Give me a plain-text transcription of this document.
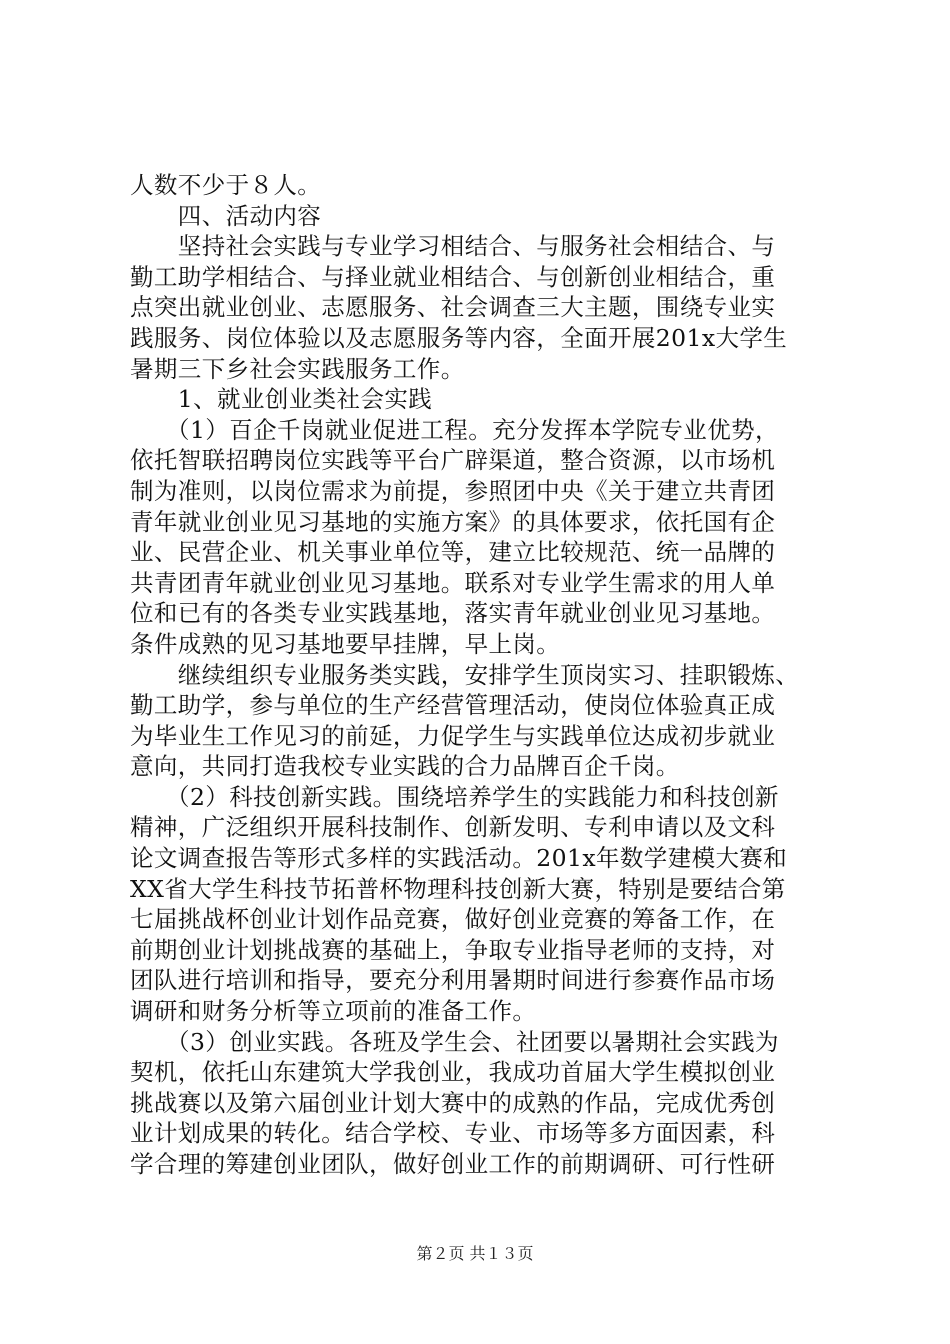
人数不少于８人。
　　四、活动内容
　　坚持社会实践与专业学习相结合、与服务社会相结合、与
勤工助学相结合、与择业就业相结合、与创新创业相结合，重
点突出就业创业、志愿服务、社会调查三大主题，围绕专业实
践服务、岗位体验以及志愿服务等内容，全面开展201x大学生
暑期三下乡社会实践服务工作。
　　1、就业创业类社会实践
　　（1）百企千岗就业促进工程。充分发挥本学院专业优势，
依托智联招聘岗位实践等平台广辟渠道，整合资源，以市场机
制为准则，以岗位需求为前提，参照团中央《关于建立共青团
青年就业创业见习基地的实施方案》的具体要求，依托国有企
业、民营企业、机关事业单位等，建立比较规范、统一品牌的
共青团青年就业创业见习基地。联系对专业学生需求的用人单
位和已有的各类专业实践基地，落实青年就业创业见习基地。
条件成熟的见习基地要早挂牌，早上岗。
　　继续组织专业服务类实践，安排学生顶岗实习、挂职锻炼、
勤工助学，参与单位的生产经营管理活动，使岗位体验真正成
为毕业生工作见习的前延，力促学生与实践单位达成初步就业
意向，共同打造我校专业实践的合力品牌百企千岗。
　　（2）科技创新实践。围绕培养学生的实践能力和科技创新
精神，广泛组织开展科技制作、创新发明、专利申请以及文科
论文调查报告等形式多样的实践活动。201x年数学建模大赛和
XX省大学生科技节拓普杯物理科技创新大赛，特别是要结合第
七届挑战杯创业计划作品竞赛，做好创业竞赛的筹备工作，在
前期创业计划挑战赛的基础上，争取专业指导老师的支持，对
团队进行培训和指导，要充分利用暑期时间进行参赛作品市场
调研和财务分析等立项前的准备工作。
　　（3）创业实践。各班及学生会、社团要以暑期社会实践为
契机，依托山东建筑大学我创业，我成功首届大学生模拟创业
挑战赛以及第六届创业计划大赛中的成熟的作品，完成优秀创
业计划成果的转化。结合学校、专业、市场等多方面因素，科
学合理的筹建创业团队，做好创业工作的前期调研、可行性研
第２页 共１３页
